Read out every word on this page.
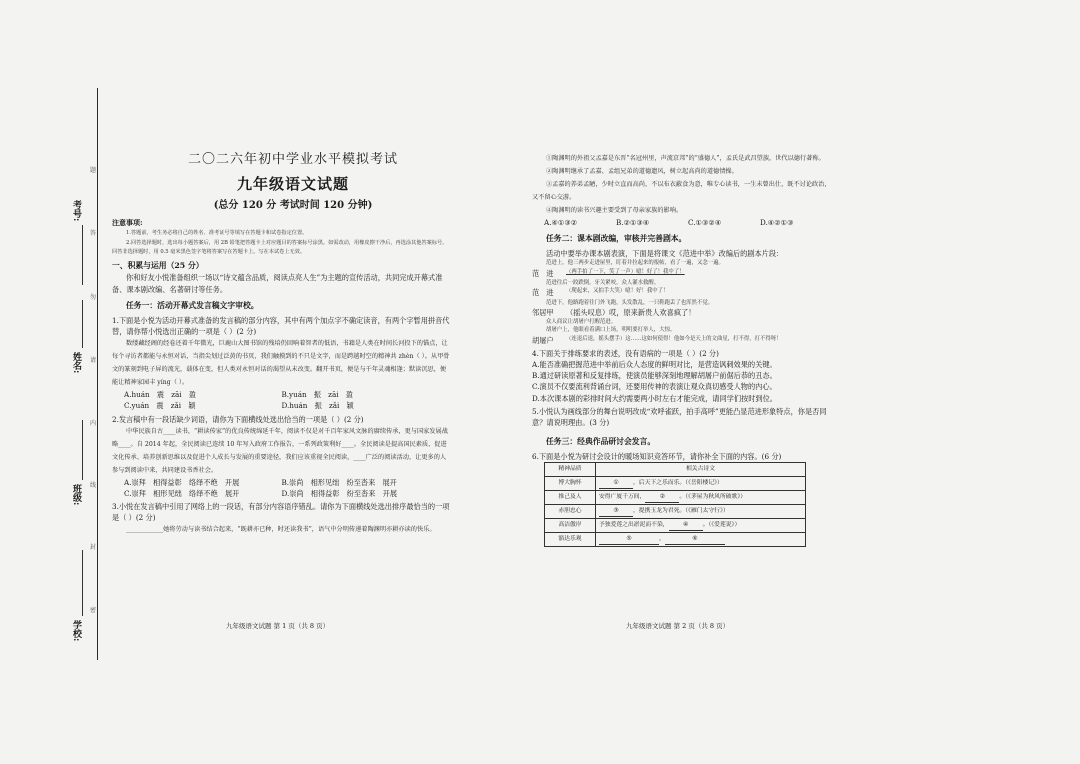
考号:
姓名:
班级:
学校:
题
答
勿
请
内
线
封
密
二〇二六年初中学业水平模拟考试
九年级语文试题
(总分 120 分 考试时间 120 分钟)
注意事项:
1.答题前，考生务必将自己的姓名、准考证号等填写在答题卡和试卷指定位置。
2.回答选择题时，选出每小题答案后，用 2B 铅笔把答题卡上对应题目的答案标号涂黑。如需改动，用橡皮擦干净后，再选涂其他答案标号。回答非选择题时，用 0.5 毫米黑色签字笔将答案写在答题卡上。写在本试卷上无效。
一、积累与运用（25 分）
你和好友小悦准备组织一场以“诗文蕴含品质，阅读点亮人生”为主题的宣传活动，共同完成开幕式准备、课本剧改编、名著研讨等任务。
任务一：活动开幕式发言稿文字审校。
1.下面是小悦为活动开幕式准备的发言稿的部分内容，其中有两个加点字不确定读音，有两个字暂用拼音代替，请你帮小悦选出正确的一项是（ ）(2 分)
数缕藏经阁的经卷还着千年微光，巨鹿山大图书馆的残培仍回响着智者的低语，书籍是人类在时间长河投下的锚点，让每个寻访者都能与永恒对话，当指尖划过泛黄的书页，我们触摸到的不只是文字，而是跨越时空的精神共 zhèn（ ）。从甲骨文的篆刻到电子屏的流光，载体在变，但人类对永恒对话的渴望从未改变。翻开书页，便是与千年灵魂相逢；默读沉思，便能让精神家园丰 yíng（ ）。
A.huán　震　zāi　盈	B.yuán　振　zāi　盈
C.yuán　震　zǎi　颖	D.huán　振　zǎi　颖
2.发言稿中有一段话缺少词语，请你为下面横线处选出恰当的一项是（ ）(2 分)
中华民族自古____读书，“耕读传家”的优良传统绵延千年，阅读不仅是对千百年家风文脉的赓续传承，更与国家发展战略____。自 2014 年起，全民阅读已连续 10 年写入政府工作报告，一系列政策利好____。全民阅读是提高国民素质、促进文化传承、培养创新思维以及促进个人成长与发展的重要途径，我们应该重视全民阅读，____广泛的阅读活动，让更多的人参与到阅读中来，共同建设书香社会。
A.崇拜　相得益彰　络绎不绝　开展	B.崇尚　相形见绌　纷至沓来　展开
C.崇拜　相形见绌　络绎不绝　展开	D.崇尚　相得益彰　纷至沓来　开展
3.小悦在发言稿中引用了网络上的一段话，有部分内容语序错乱。请你为下面横线处选出排序最恰当的一项是（ ）(2 分)
____________她将劳动与读书结合起来，“既耕亦已种，时还读我书”，语气中分明传递着陶渊明亦耕亦读的快乐。
九年级语文试题 第 1 页（共 8 页）
①陶渊明的外祖父孟嘉是东晋“名冠州里，声流京邦”的“盛德人”，孟氏是武昌望族，世代以德行著称。
②陶渊明继承了孟嘉、孟组兄弟的道德遗风，树立起高尚的道德情操。
③孟嘉的养弟孟陋，少时立直而高尚，不以布衣蔽食为意，唯专心读书，一生未曾出仕，既不讨论政治，又不留心交游。
④陶渊明的读书兴趣主要受到了母亲家族的影响。
A.④①③②	B.②①③④	C.①③②④	D.④②①③
任务二：课本剧改编，审核并完善剧本。
活动中要举办课本剧表演，下面是将课文《范进中举》改编后的剧本片段：
范进上，他三两步走进屋里，盯着并拉起来的报帖，看了一遍，又念一遍。
范　进	（两手拍了一下，笑了一声）噫！好了！我中了！
范进往后一跤跌倒，牙关紧咬，众人灌水救醒。
范　进	（爬起来，又拍手大笑）噫！好！我中了！
范进下，他路跑着往门外飞跑，头发散乱，一只鞋跑丢了也浑然不觉。
邻居甲	（摇头叹息）哎，原来新贵人欢喜疯了！
众人商议让胡屠户打醒范进。
胡屠户上，他眼看着满口上场，明明要打举人，大惊。
胡屠户	（连退后退，摇头摆手）这……这如何使得！他如今是天上的文曲星，打不得，打不得呀！
4.下面关于排练要求的表述，没有语病的一项是（ ）(2 分)
A.能否准确把握范进中举前后众人态度的鲜明对比，是营造讽刺效果的关键。
B.通过研读原著和反复排练，使演员能够深刻地理解胡屠户前倨后恭的丑态。
C.演员不仅要流利背诵台词，还要用传神的表演让观众真切感受人物的内心。
D.本次课本剧的彩排时间大约需要两小时左右才能完成，请同学们按时到位。
5.小悦认为画线部分的舞台说明改成“欢呼雀跃，拍手高呼”更能凸显范进形象特点，你是否同意？请说明理由。(3 分)
任务三：经典作品研讨会发言。
6.下面是小悦为研讨会设计的暖场知识竞答环节，请你补全下面的内容。(6 分)
精神品质	相关古诗文
博大胸怀	① ，后天下之乐而乐。（《岳阳楼记》）
推己及人	安得广厦千万间， ② 。（《茅屋为秋风所破歌》）
赤胆忠心	③ ，提携玉龙为君死。（《雁门太守行》）
高洁傲岸	予独爱莲之出淤泥而不染， ④ 。（《爱莲说》）
豁达乐观	⑤ ， ⑥
九年级语文试题 第 2 页（共 8 页）
